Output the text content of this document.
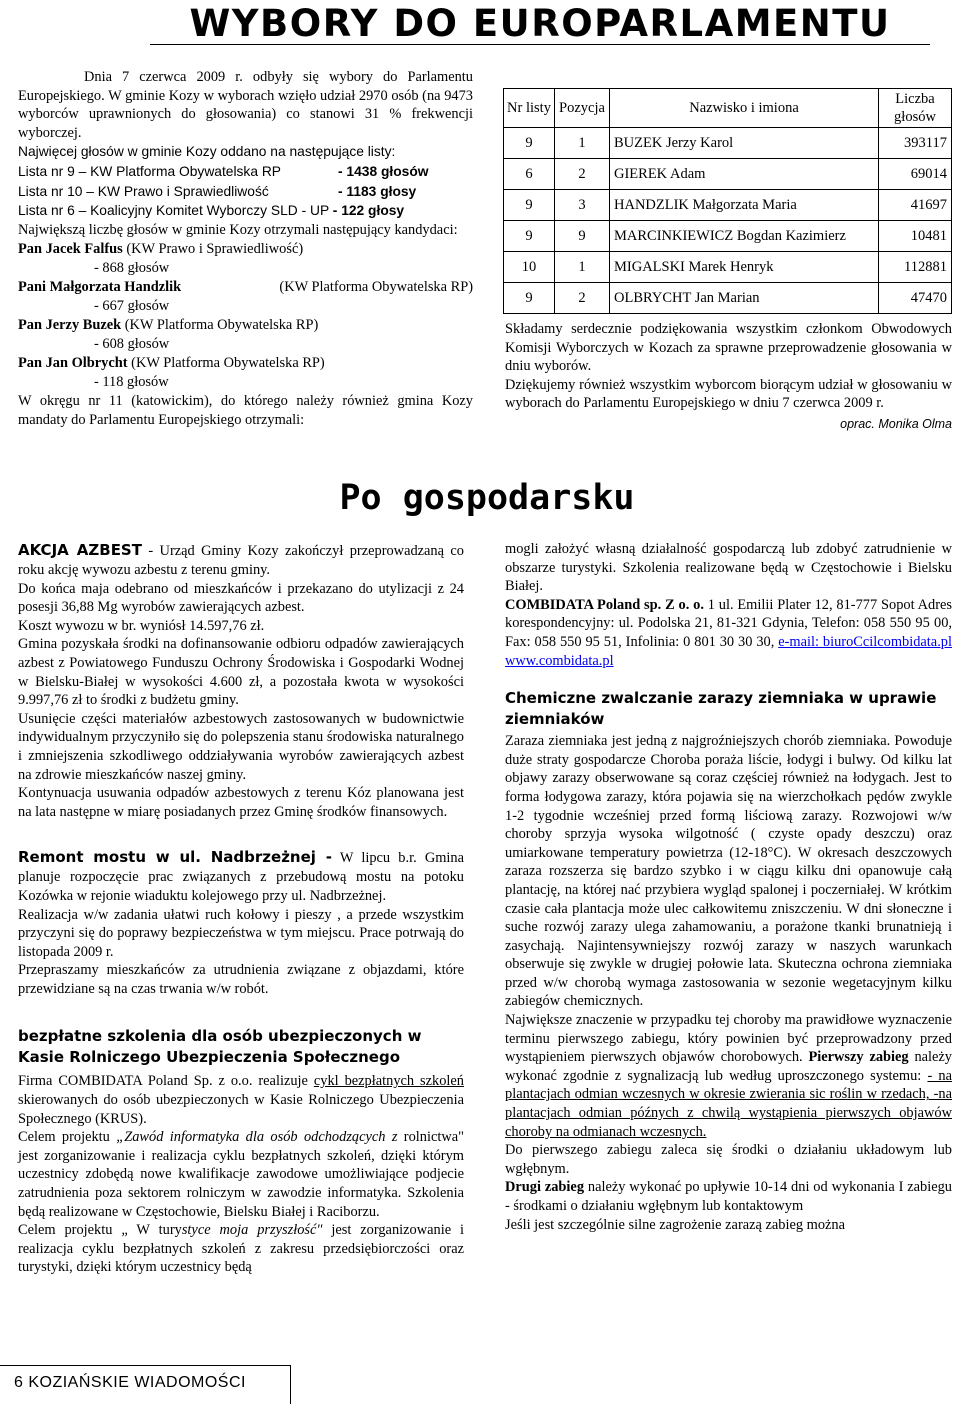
WYBORY DO EUROPARLAMENTU

Dnia 7 czerwca 2009 r. odbyły się wybory do Parlamentu Europejskiego. W gminie Kozy w wyborach wzięło udział 2970 osób (na 9473 wyborców uprawnionych do głosowania) co stanowi 31 % frekwencji wyborczej.

Najwięcej głosów w gminie Kozy oddano na następujące listy:
Lista nr 9 – KW Platforma Obywatelska RP	- 1438 głosów
Lista nr 10 – KW Prawo i Sprawiedliwość	- 1183 głosy
Lista nr 6 – Koalicyjny Komitet Wyborczy SLD - UP - 122 głosy

Największą liczbę głosów w gminie Kozy otrzymali następujący kandydaci:

Pan Jacek Falfus (KW Prawo i Sprawiedliwość)
- 868 głosów
Pani Małgorzata Handzlik	(KW Platforma Obywatelska RP)
- 667 głosów
Pan Jerzy Buzek (KW Platforma Obywatelska RP)
- 608 głosów
Pan Jan Olbrycht (KW Platforma Obywatelska RP)
- 118 głosów

W okręgu nr 11 (katowickim), do którego należy również gmina Kozy mandaty do Parlamentu Europejskiego otrzymali:

Nr listy	Pozycja	Nazwisko i imiona	Liczba głosów
9	1	BUZEK Jerzy Karol	393117
6	2	GIEREK Adam	69014
9	3	HANDZLIK Małgorzata Maria	41697
9	9	MARCINKIEWICZ Bogdan Kazimierz	10481
10	1	MIGALSKI Marek Henryk	112881
9	2	OLBRYCHT Jan Marian	47470

Składamy serdecznie podziękowania wszystkim członkom Obwodowych Komisji Wyborczych w Kozach za sprawne przeprowadzenie głosowania w dniu wyborów.

Dziękujemy również wszystkim wyborcom biorącym udział w głosowaniu w wyborach do Parlamentu Europejskiego w dniu 7 czerwca 2009 r.

oprac. Monika Olma
Po gospodarsku

AKCJA AZBEST - Urząd Gminy Kozy zakończył przeprowadzaną co roku akcję wywozu azbestu z terenu gminy.

Do końca maja odebrano od mieszkańców i przekazano do utylizacji z 24 posesji 36,88 Mg wyrobów zawierających azbest.

Koszt wywozu w br. wyniósł 14.597,76 zł.

Gmina pozyskała środki na dofinansowanie odbioru odpadów zawierających azbest z Powiatowego Funduszu Ochrony Środowiska i Gospodarki Wodnej w Bielsku-Białej w wysokości 4.600 zł, a pozostała kwota w wysokości 9.997,76 zł to środki z budżetu gminy.

Usunięcie części materiałów azbestowych zastosowanych w budownictwie indywidualnym przyczyniło się do polepszenia stanu środowiska naturalnego i zmniejszenia szkodliwego oddziaływania wyrobów zawierających azbest na zdrowie mieszkańców naszej gminy.

Kontynuacja usuwania odpadów azbestowych z terenu Kóz planowana jest na lata następne w miarę posiadanych przez Gminę środków finansowych.

Remont mostu w ul. Nadbrzeżnej - W lipcu b.r. Gmina planuje rozpoczęcie prac związanych z przebudową mostu na potoku Kozówka w rejonie wiaduktu kolejowego przy ul. Nadbrzeżnej.

Realizacja w/w zadania ułatwi ruch kołowy i pieszy , a przede wszystkim przyczyni się do poprawy bezpieczeństwa w tym miejscu. Prace potrwają do listopada 2009 r.

Przepraszamy mieszkańców za utrudnienia związane z objazdami, które przewidziane są na czas trwania w/w robót.

bezpłatne szkolenia dla osób ubezpieczonych w Kasie Rolniczego Ubezpieczenia Społecznego

Firma COMBIDATA Poland Sp. z o.o. realizuje cykl bezpłatnych szkoleń skierowanych do osób ubezpieczonych w Kasie Rolniczego Ubezpieczenia Społecznego (KRUS).

Celem projektu „Zawód informatyka dla osób odchodzących z rolnictwa" jest zorganizowanie i realizacja cyklu bezpłatnych szkoleń, dzięki którym uczestnicy zdobędą nowe kwalifikacje zawodowe umożliwiające podjecie zatrudnienia poza sektorem rolniczym w zawodzie informatyka. Szkolenia będą realizowane w Częstochowie, Bielsku Białej i Raciborzu.

Celem projektu „ W turystyce moja przyszłość" jest zorganizowanie i realizacja cyklu bezpłatnych szkoleń z zakresu przedsiębiorczości oraz turystyki, dzięki którym uczestnicy będą

mogli założyć własną działalność gospodarczą lub zdobyć zatrudnienie w obszarze turystyki. Szkolenia realizowane będą w Częstochowie i Bielsku Białej.

COMBIDATA Poland sp. Z o. o. 1 ul. Emilii Plater 12, 81-777 Sopot Adres korespondencyjny: ul. Podolska 21, 81-321 Gdynia, Telefon: 058 550 95 00, Fax: 058 550 95 51, Infolinia: 0 801 30 30 30, e-mail: biuroCcilcombidata.pl www.combidata.pl

Chemiczne zwalczanie zarazy ziemniaka w uprawie ziemniaków

Zaraza ziemniaka jest jedną z najgroźniejszych chorób ziemniaka. Powoduje duże straty gospodarcze Choroba poraża liście, łodygi i bulwy. Od kilku lat objawy zarazy obserwowane są coraz częściej również na łodygach. Jest to forma łodygowa zarazy, która pojawia się na wierzchołkach pędów zwykle 1-2 tygodnie wcześniej przed formą liściową zarazy. Rozwojowi w/w choroby sprzyja wysoka wilgotność ( czyste opady deszczu) oraz umiarkowane temperatury powietrza (12-18°C). W okresach deszczowych zaraza rozszerza się bardzo szybko i w ciągu kilku dni opanowuje całą plantację, na której nać przybiera wygląd spalonej i poczerniałej. W krótkim czasie cała plantacja może ulec całkowitemu zniszczeniu. W dni słoneczne i suche rozwój zarazy ulega zahamowaniu, a porażone tkanki brunatnieją i zasychają. Najintensywniejszy rozwój zarazy w naszych warunkach obserwuje się zwykle w drugiej połowie lata. Skuteczna ochrona ziemniaka przed w/w chorobą wymaga zastosowania w sezonie wegetacyjnym kilku zabiegów chemicznych.

Największe znaczenie w przypadku tej choroby ma prawidłowe wyznaczenie terminu pierwszego zabiegu, który powinien być przeprowadzony przed wystąpieniem pierwszych objawów chorobowych. Pierwszy zabieg należy wykonać zgodnie z sygnalizacją lub według uproszczonego systemu: - na plantacjach odmian wczesnych w okresie zwierania sic roślin w rzedach, -na plantacjach odmian późnych z chwilą wystąpienia pierwszych objawów choroby na odmianach wczesnych.

Do pierwszego zabiegu zaleca się środki o działaniu układowym lub wgłębnym.

Drugi zabieg należy wykonać po upływie 10-14 dni od wykonania I zabiegu - środkami o działaniu wgłębnym lub kontaktowym

Jeśli jest szczególnie silne zagrożenie zarazą zabieg można

6 KOZIAŃSKIE WIADOMOŚCI
